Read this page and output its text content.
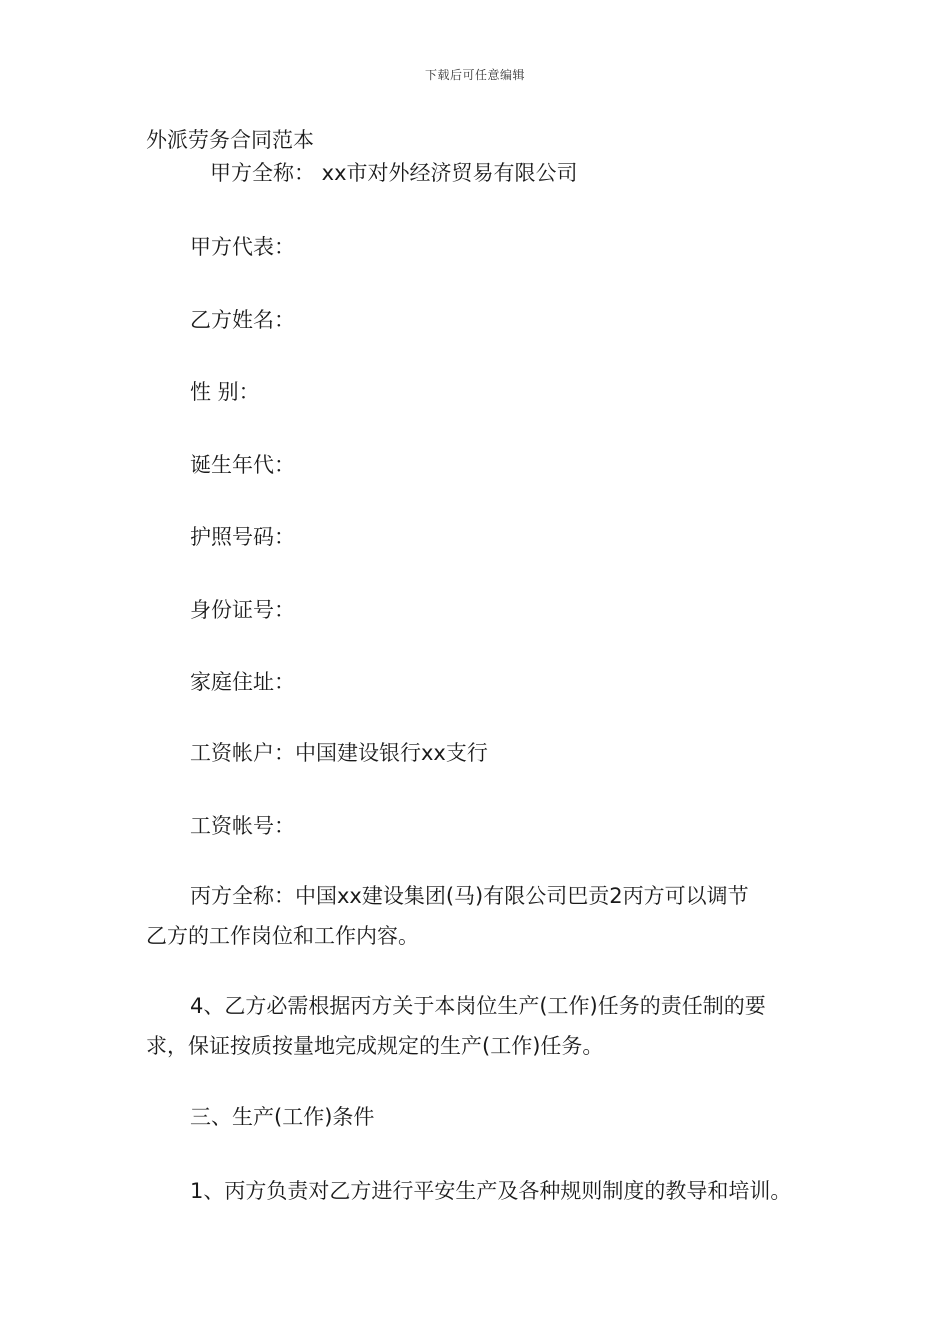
下载后可任意编辑
外派劳务合同范本
甲方全称： xx市对外经济贸易有限公司
甲方代表：
乙方姓名：
性 别：
诞生年代：
护照号码：
身份证号：
家庭住址：
工资帐户：中国建设银行xx支行
工资帐号：
丙方全称：中国xx建设集团(马)有限公司巴贡2丙方可以调节
乙方的工作岗位和工作内容。
4、乙方必需根据丙方关于本岗位生产(工作)任务的责任制的要
求，保证按质按量地完成规定的生产(工作)任务。
三、生产(工作)条件
1、丙方负责对乙方进行平安生产及各种规则制度的教导和培训。
